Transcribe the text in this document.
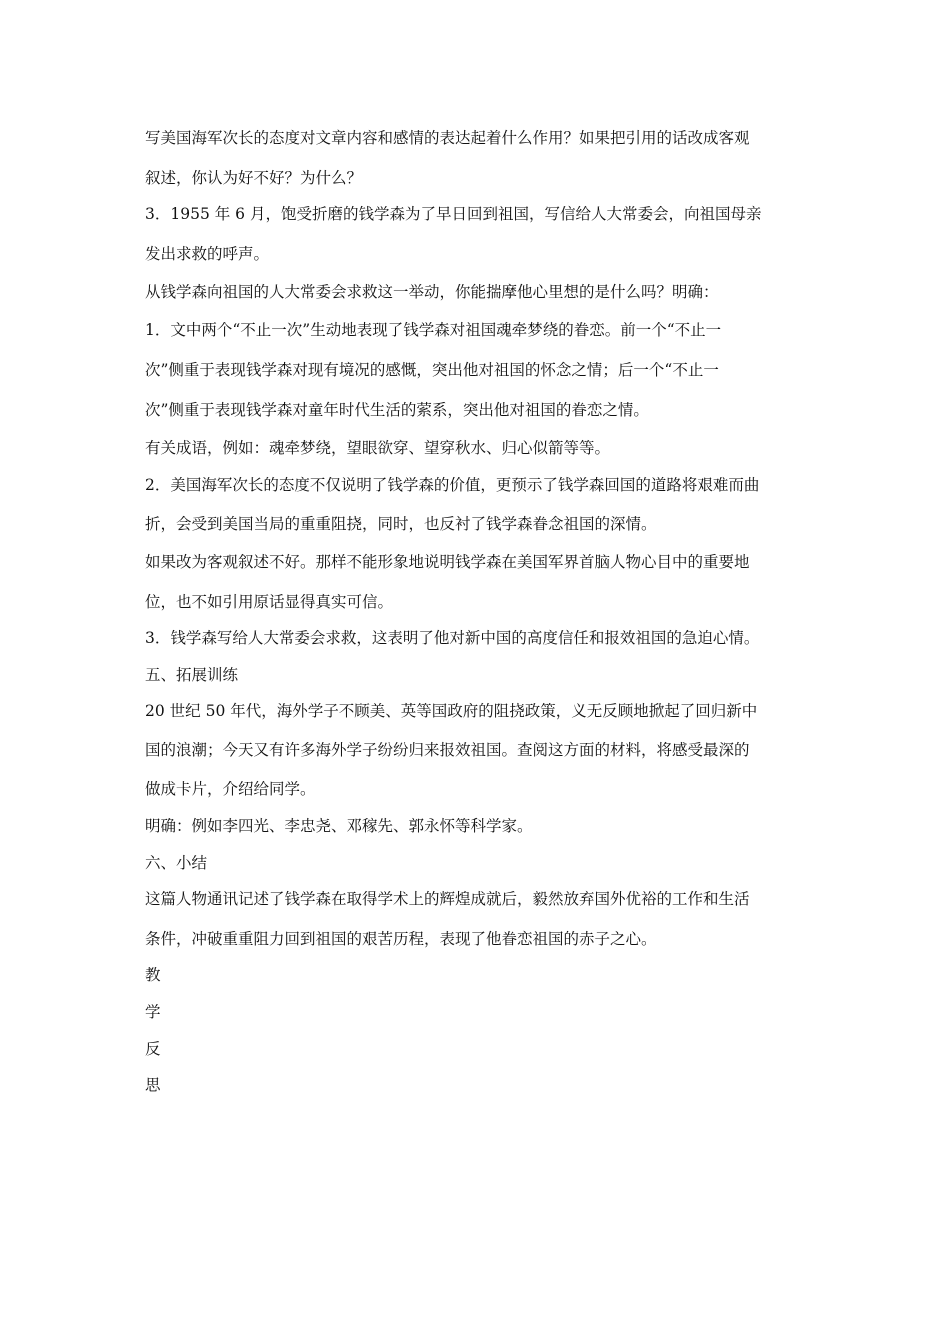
写美国海军次长的态度对文章内容和感情的表达起着什么作用？如果把引用的话改成客观
叙述，你认为好不好？为什么？
3．1955 年 6 月，饱受折磨的钱学森为了早日回到祖国，写信给人大常委会，向祖国母亲
发出求救的呼声。
从钱学森向祖国的人大常委会求救这一举动，你能揣摩他心里想的是什么吗？明确：
1．文中两个“不止一次”生动地表现了钱学森对祖国魂牵梦绕的眷恋。前一个“不止一
次”侧重于表现钱学森对现有境况的感慨，突出他对祖国的怀念之情；后一个“不止一
次”侧重于表现钱学森对童年时代生活的萦系，突出他对祖国的眷恋之情。
有关成语，例如：魂牵梦绕，望眼欲穿、望穿秋水、归心似箭等等。
2．美国海军次长的态度不仅说明了钱学森的价值，更预示了钱学森回国的道路将艰难而曲
折，会受到美国当局的重重阻挠，同时，也反衬了钱学森眷念祖国的深情。
如果改为客观叙述不好。那样不能形象地说明钱学森在美国军界首脑人物心目中的重要地
位，也不如引用原话显得真实可信。
3．钱学森写给人大常委会求救，这表明了他对新中国的高度信任和报效祖国的急迫心情。
五、拓展训练
20 世纪 50 年代，海外学子不顾美、英等国政府的阻挠政策，义无反顾地掀起了回归新中
国的浪潮；今天又有许多海外学子纷纷归来报效祖国。查阅这方面的材料，将感受最深的
做成卡片，介绍给同学。
明确：例如李四光、李忠尧、邓稼先、郭永怀等科学家。
六、小结
这篇人物通讯记述了钱学森在取得学术上的辉煌成就后，毅然放弃国外优裕的工作和生活
条件，冲破重重阻力回到祖国的艰苦历程，表现了他眷恋祖国的赤子之心。
教
学
反
思
